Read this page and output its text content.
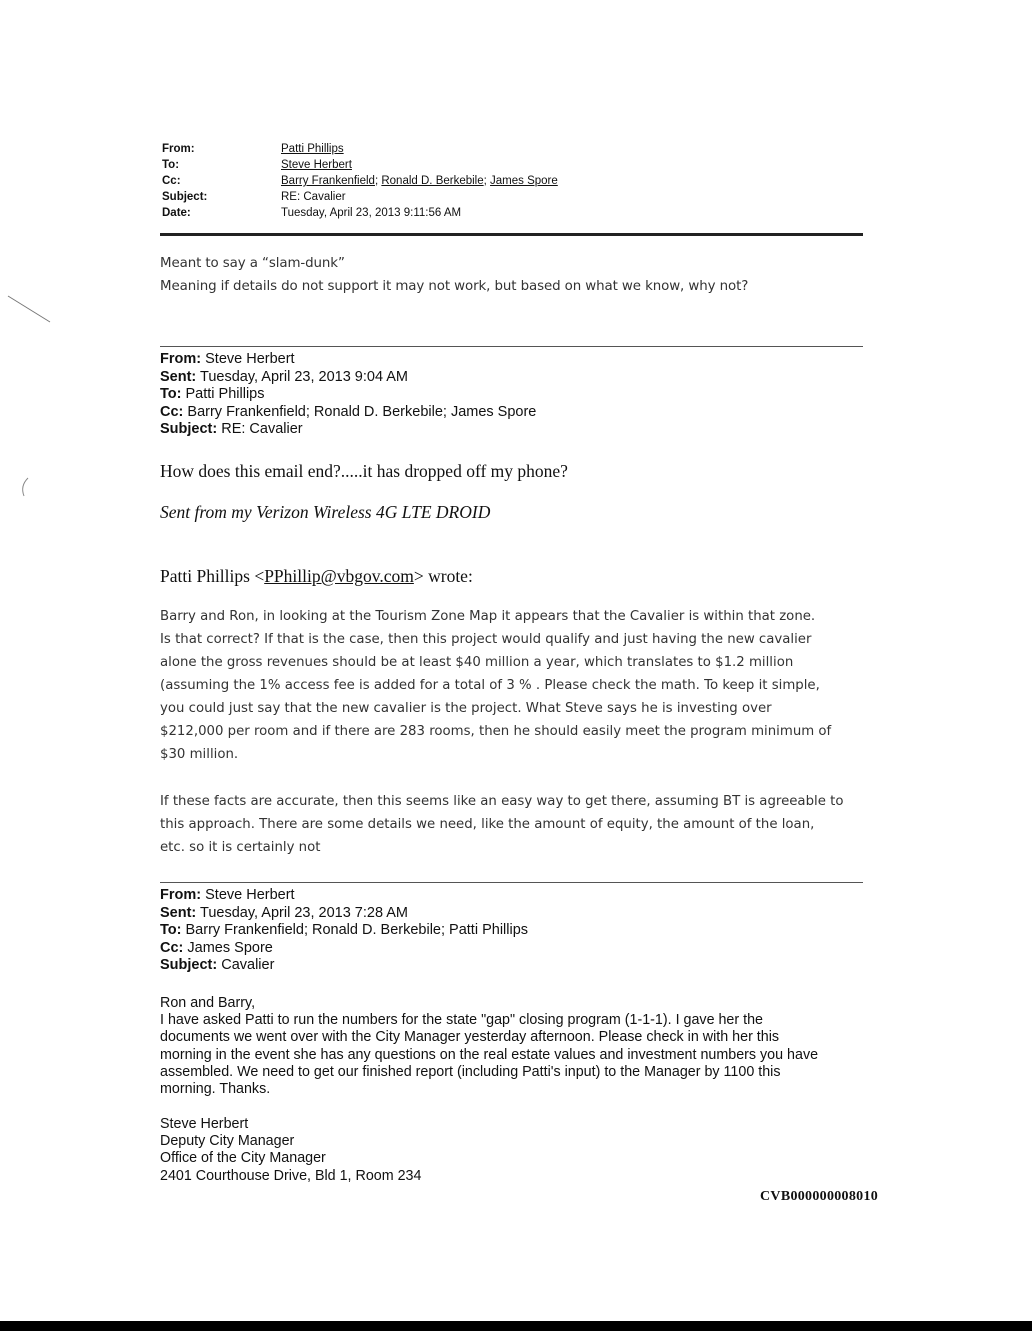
From:	Patti Phillips
To:	Steve Herbert
Cc:	Barry Frankenfield; Ronald D. Berkebile; James Spore
Subject:	RE: Cavalier
Date:	Tuesday, April 23, 2013 9:11:56 AM
Meant to say a “slam-dunk”
Meaning if details do not support it may not work, but based on what we know, why not?
From: Steve Herbert
Sent: Tuesday, April 23, 2013 9:04 AM
To: Patti Phillips
Cc: Barry Frankenfield; Ronald D. Berkebile; James Spore
Subject: RE: Cavalier
How does this email end?.....it has dropped off my phone?
Sent from my Verizon Wireless 4G LTE DROID
Patti Phillips <PPhillip@vbgov.com> wrote:
Barry and Ron, in looking at the Tourism Zone Map it appears that the Cavalier is within that zone.
Is that correct? If that is the case, then this project would qualify and just having the new cavalier
alone the gross revenues should be at least $40 million a year, which translates to $1.2 million
(assuming the 1% access fee is added for a total of 3 % . Please check the math. To keep it simple,
you could just say that the new cavalier is the project. What Steve says he is investing over
$212,000 per room and if there are 283 rooms, then he should easily meet the program minimum of
$30 million.
If these facts are accurate, then this seems like an easy way to get there, assuming BT is agreeable to
this approach. There are some details we need, like the amount of equity, the amount of the loan,
etc. so it is certainly not
From: Steve Herbert
Sent: Tuesday, April 23, 2013 7:28 AM
To: Barry Frankenfield; Ronald D. Berkebile; Patti Phillips
Cc: James Spore
Subject: Cavalier
Ron and Barry,
I have asked Patti to run the numbers for the state "gap" closing program (1-1-1). I gave her the
documents we went over with the City Manager yesterday afternoon. Please check in with her this
morning in the event she has any questions on the real estate values and investment numbers you have
assembled. We need to get our finished report (including Patti's input) to the Manager by 1100 this
morning. Thanks.
Steve Herbert
Deputy City Manager
Office of the City Manager
2401 Courthouse Drive, Bld 1, Room 234
CVB000000008010
